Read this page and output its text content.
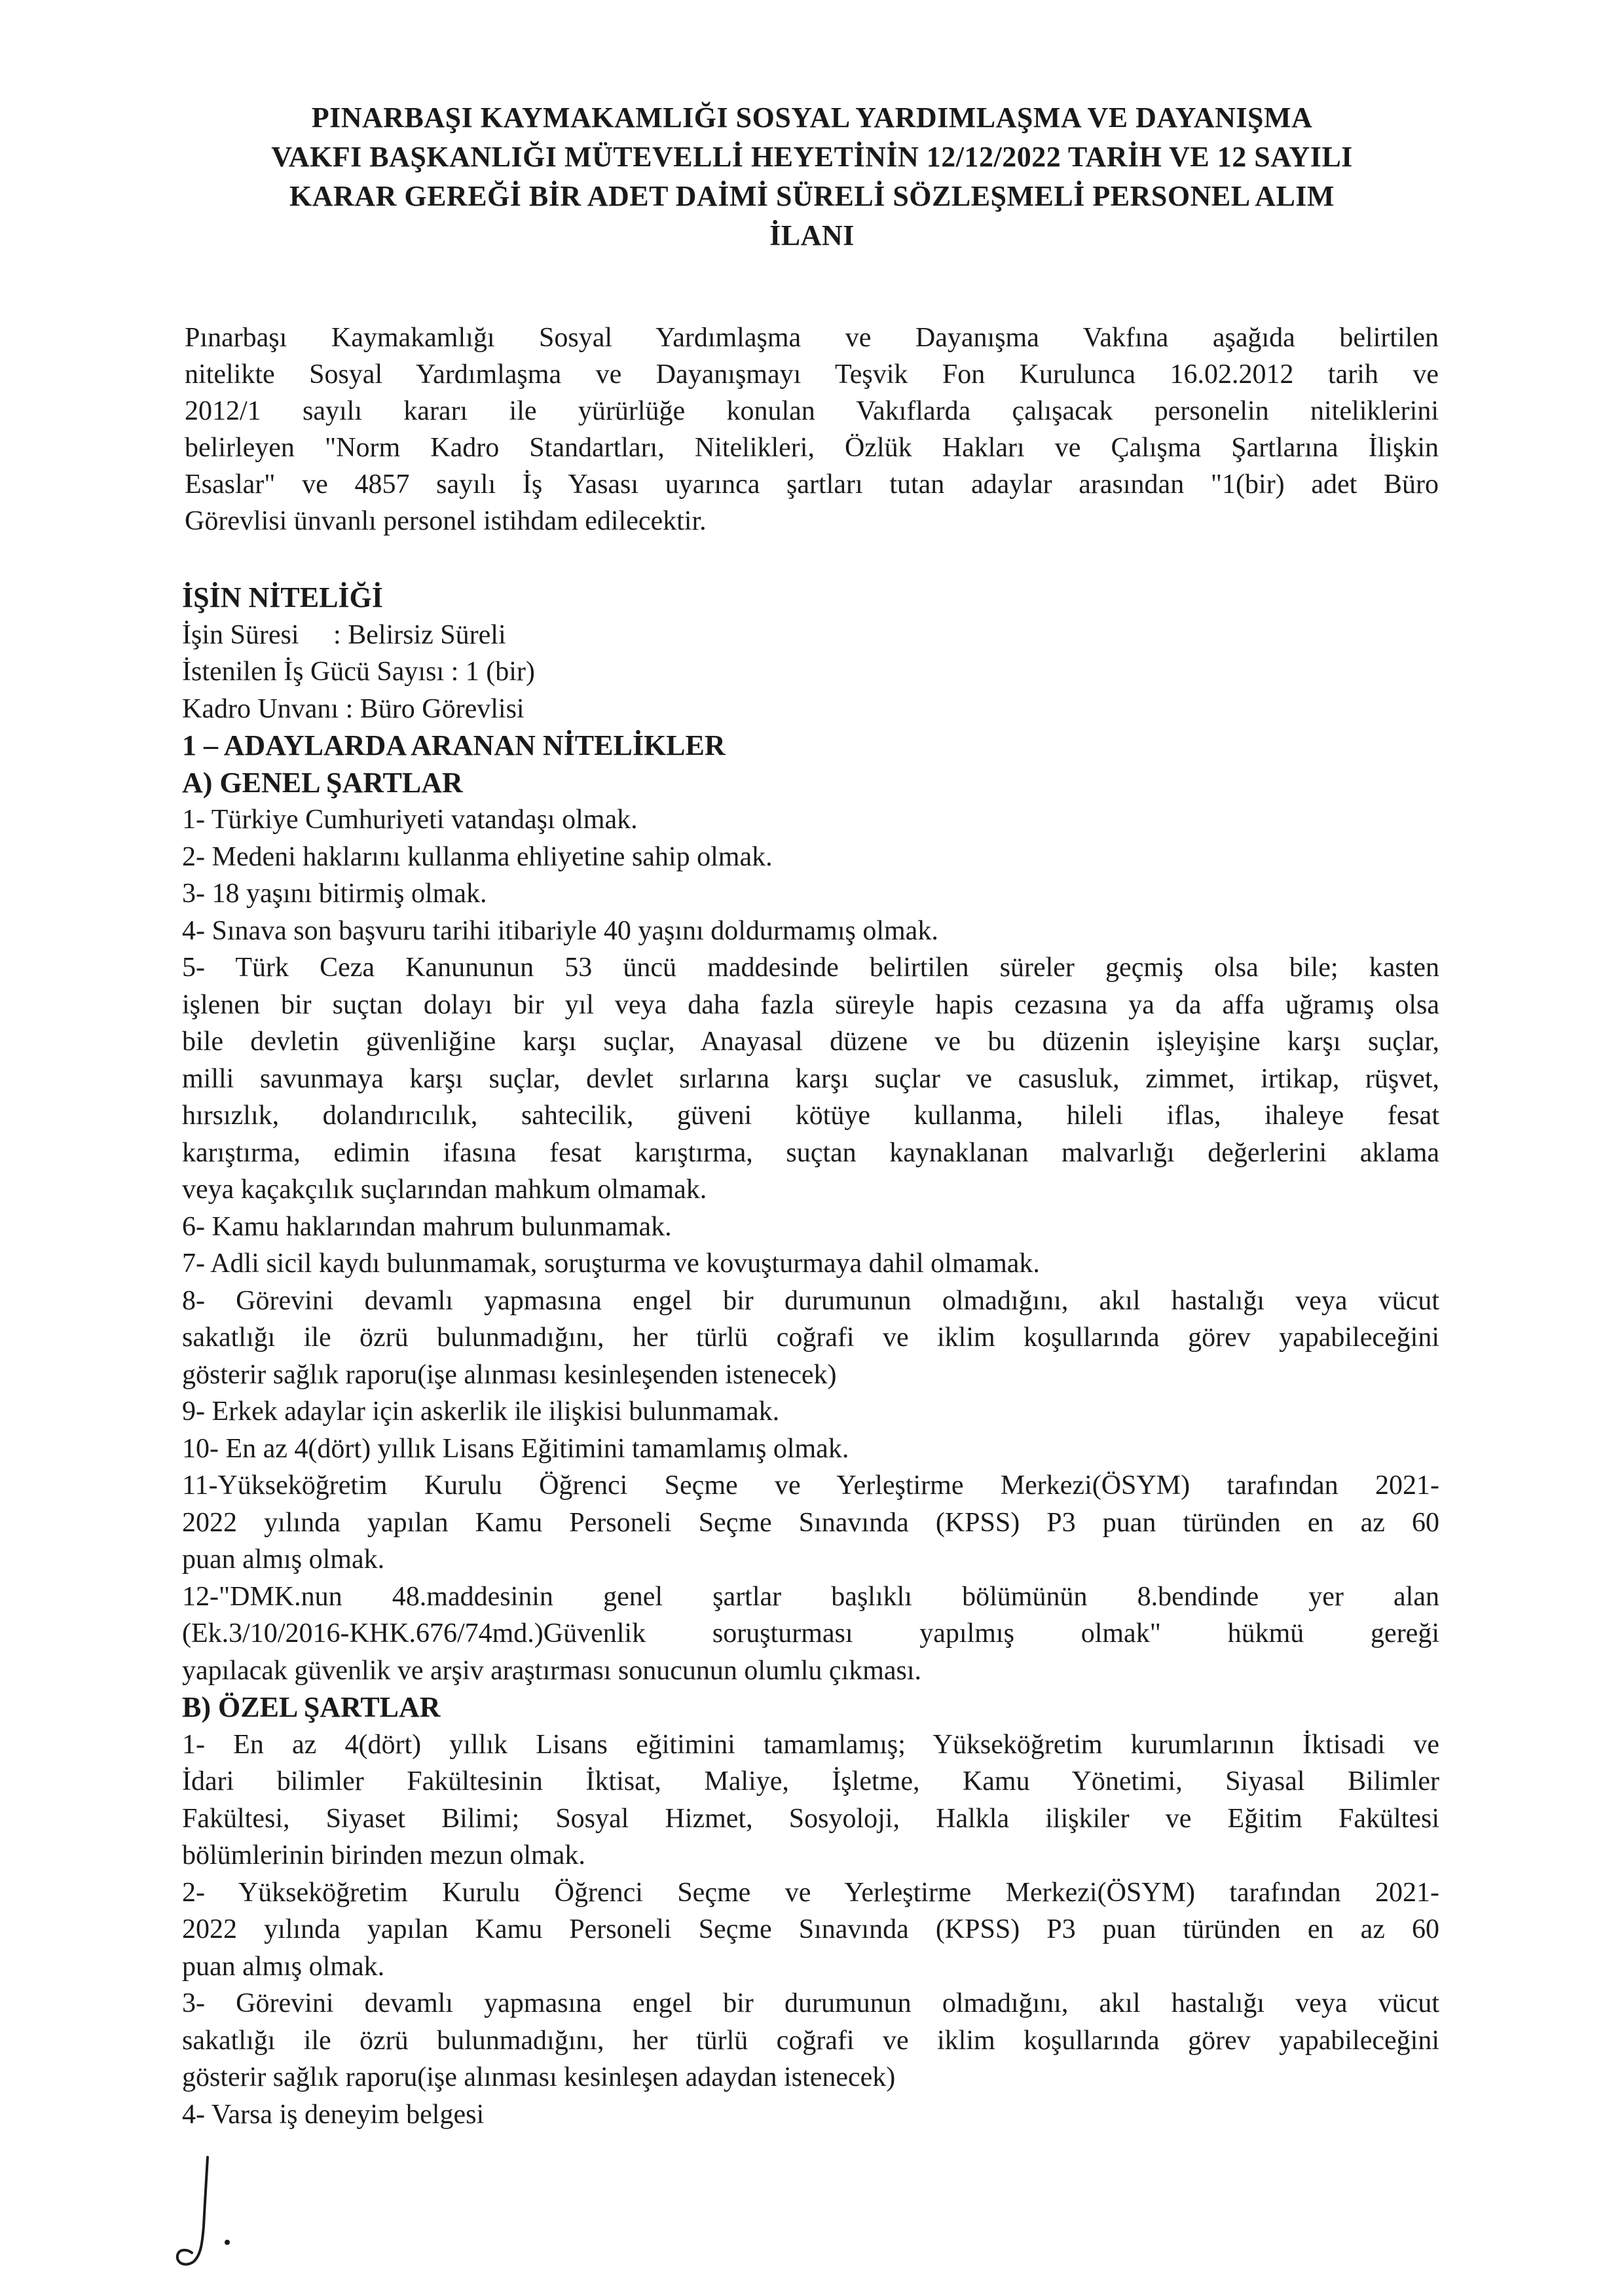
PINARBAŞI KAYMAKAMLIĞI SOSYAL YARDIMLAŞMA VE DAYANIŞMA
VAKFI BAŞKANLIĞI MÜTEVELLİ HEYETİNİN 12/12/2022 TARİH VE 12 SAYILI
KARAR GEREĞİ BİR ADET DAİMİ SÜRELİ SÖZLEŞMELİ PERSONEL ALIM
İLANI
Pınarbaşı Kaymakamlığı Sosyal Yardımlaşma ve Dayanışma Vakfına aşağıda belirtilen
nitelikte Sosyal Yardımlaşma ve Dayanışmayı Teşvik Fon Kurulunca 16.02.2012 tarih ve
2012/1 sayılı kararı ile yürürlüğe konulan Vakıflarda çalışacak personelin niteliklerini
belirleyen "Norm Kadro Standartları, Nitelikleri, Özlük Hakları ve Çalışma Şartlarına İlişkin
Esaslar" ve 4857 sayılı İş Yasası uyarınca şartları tutan adaylar arasından "1(bir) adet Büro
Görevlisi ünvanlı personel istihdam edilecektir.
İŞİN NİTELİĞİ
İşin Süresi     : Belirsiz Süreli
İstenilen İş Gücü Sayısı : 1 (bir)
Kadro Unvanı : Büro Görevlisi
1 – ADAYLARDA ARANAN NİTELİKLER
A) GENEL ŞARTLAR
1- Türkiye Cumhuriyeti vatandaşı olmak.
2- Medeni haklarını kullanma ehliyetine sahip olmak.
3- 18 yaşını bitirmiş olmak.
4- Sınava son başvuru tarihi itibariyle 40 yaşını doldurmamış olmak.
5- Türk Ceza Kanununun 53 üncü maddesinde belirtilen süreler geçmiş olsa bile; kasten
işlenen bir suçtan dolayı bir yıl veya daha fazla süreyle hapis cezasına ya da affa uğramış olsa
bile devletin güvenliğine karşı suçlar, Anayasal düzene ve bu düzenin işleyişine karşı suçlar,
milli savunmaya karşı suçlar, devlet sırlarına karşı suçlar ve casusluk, zimmet, irtikap, rüşvet,
hırsızlık, dolandırıcılık, sahtecilik, güveni kötüye kullanma, hileli iflas, ihaleye fesat
karıştırma, edimin ifasına fesat karıştırma, suçtan kaynaklanan malvarlığı değerlerini aklama
veya kaçakçılık suçlarından mahkum olmamak.
6- Kamu haklarından mahrum bulunmamak.
7- Adli sicil kaydı bulunmamak, soruşturma ve kovuşturmaya dahil olmamak.
8- Görevini devamlı yapmasına engel bir durumunun olmadığını, akıl hastalığı veya vücut
sakatlığı ile özrü bulunmadığını, her türlü coğrafi ve iklim koşullarında görev yapabileceğini
gösterir sağlık raporu(işe alınması kesinleşenden istenecek)
9- Erkek adaylar için askerlik ile ilişkisi bulunmamak.
10- En az 4(dört) yıllık Lisans Eğitimini tamamlamış olmak.
11-Yükseköğretim Kurulu Öğrenci Seçme ve Yerleştirme Merkezi(ÖSYM) tarafından 2021-
2022 yılında yapılan Kamu Personeli Seçme Sınavında (KPSS) P3 puan türünden en az 60
puan almış olmak.
12-"DMK.nun 48.maddesinin genel şartlar başlıklı bölümünün 8.bendinde yer alan
(Ek.3/10/2016-KHK.676/74md.)Güvenlik soruşturması yapılmış olmak" hükmü gereği
yapılacak güvenlik ve arşiv araştırması sonucunun olumlu çıkması.
B) ÖZEL ŞARTLAR
1- En az 4(dört) yıllık Lisans eğitimini tamamlamış; Yükseköğretim kurumlarının İktisadi ve
İdari bilimler Fakültesinin İktisat, Maliye, İşletme, Kamu Yönetimi, Siyasal Bilimler
Fakültesi, Siyaset Bilimi; Sosyal Hizmet, Sosyoloji, Halkla ilişkiler ve Eğitim Fakültesi
bölümlerinin birinden mezun olmak.
2- Yükseköğretim Kurulu Öğrenci Seçme ve Yerleştirme Merkezi(ÖSYM) tarafından 2021-
2022 yılında yapılan Kamu Personeli Seçme Sınavında (KPSS) P3 puan türünden en az 60
puan almış olmak.
3- Görevini devamlı yapmasına engel bir durumunun olmadığını, akıl hastalığı veya vücut
sakatlığı ile özrü bulunmadığını, her türlü coğrafi ve iklim koşullarında görev yapabileceğini
gösterir sağlık raporu(işe alınması kesinleşen adaydan istenecek)
4- Varsa iş deneyim belgesi
